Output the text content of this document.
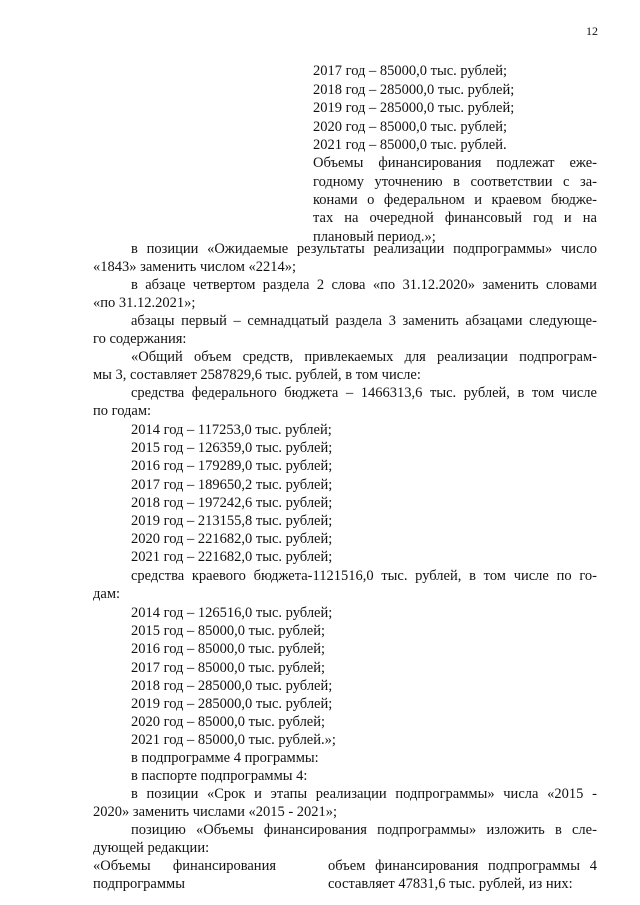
12
2017 год – 85000,0 тыс. рублей;
2018 год – 285000,0 тыс. рублей;
2019 год – 285000,0 тыс. рублей;
2020 год – 85000,0 тыс. рублей;
2021 год – 85000,0 тыс. рублей.
Объемы финансирования подлежат еже-
годному уточнению в соответствии с за-
конами о федеральном и краевом бюдже-
тах на очередной финансовый год и на
плановый период.»;
в позиции «Ожидаемые результаты реализации подпрограммы» число
«1843» заменить числом «2214»;
в абзаце четвертом раздела 2 слова «по 31.12.2020» заменить словами
«по 31.12.2021»;
абзацы первый – семнадцатый раздела 3 заменить абзацами следующе-
го содержания:
«Общий объем средств, привлекаемых для реализации подпрограм-
мы 3, составляет 2587829,6 тыс. рублей, в том числе:
средства федерального бюджета – 1466313,6 тыс. рублей, в том числе
по годам:
2014 год – 117253,0 тыс. рублей;
2015 год – 126359,0 тыс. рублей;
2016 год – 179289,0 тыс. рублей;
2017 год – 189650,2 тыс. рублей;
2018 год – 197242,6 тыс. рублей;
2019 год – 213155,8 тыс. рублей;
2020 год – 221682,0 тыс. рублей;
2021 год – 221682,0 тыс. рублей;
средства краевого бюджета-1121516,0 тыс. рублей, в том числе по го-
дам:
2014 год – 126516,0 тыс. рублей;
2015 год – 85000,0 тыс. рублей;
2016 год – 85000,0 тыс. рублей;
2017 год – 85000,0 тыс. рублей;
2018 год – 285000,0 тыс. рублей;
2019 год – 285000,0 тыс. рублей;
2020 год – 85000,0 тыс. рублей;
2021 год – 85000,0 тыс. рублей.»;
в подпрограмме 4 программы:
в паспорте подпрограммы 4:
в позиции «Срок и этапы реализации подпрограммы» числа «2015 -
2020» заменить числами «2015 - 2021»;
позицию «Объемы финансирования подпрограммы» изложить в сле-
дующей редакции:
«Объемы финансирования
подпрограммы
объем финансирования подпрограммы 4
составляет 47831,6 тыс. рублей, из них:
